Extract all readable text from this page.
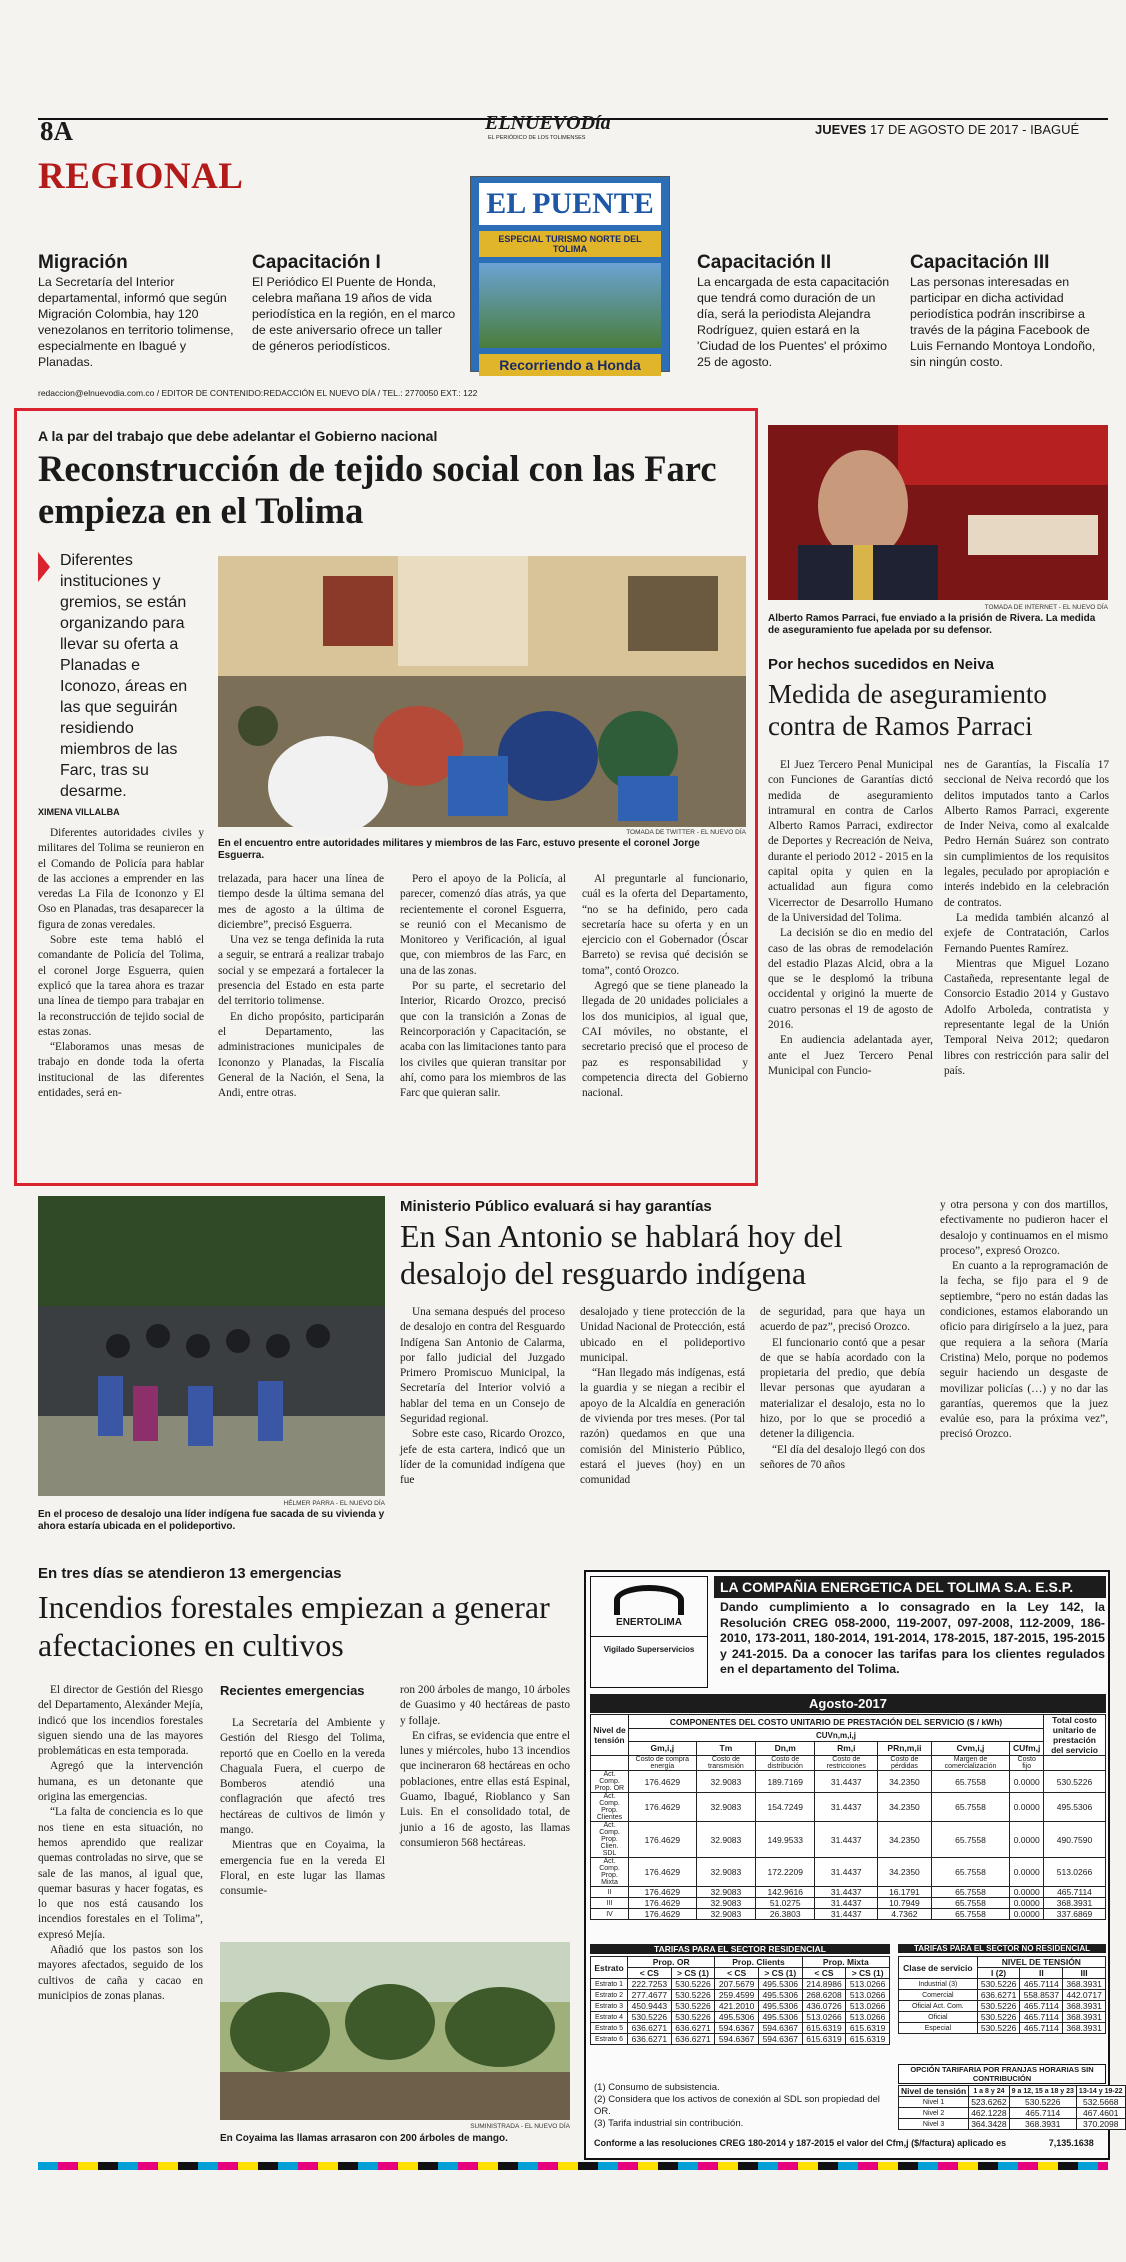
8A	ELNUEVODía
EL PERIÓDICO DE LOS TOLIMENSES
JUEVES 17 DE AGOSTO DE 2017 - IBAGUÉ
REGIONAL
EL PUENTE
ESPECIAL TURISMO NORTE DEL TOLIMA
Recorriendo a Honda
Migración
La Secretaría del Interior departamental, informó que según Migración Colombia, hay 120 venezolanos en territorio tolimense, especialmente en Ibagué y Planadas.
Capacitación I
El Periódico El Puente de Honda, celebra mañana 19 años de vida periodística en la región, en el marco de este aniversario ofrece un taller de géneros periodísticos.
Capacitación II
La encargada de esta capacitación que tendrá como duración de un día, será la periodista Alejandra Rodríguez, quien estará en la 'Ciudad de los Puentes' el próximo 25 de agosto.
Capacitación III
Las personas interesadas en participar en dicha actividad periodística podrán inscribirse a través de la página Facebook de Luis Fernando Montoya Londoño, sin ningún costo.
redaccion@elnuevodia.com.co / EDITOR DE CONTENIDO:REDACCIÓN EL NUEVO DÍA / TEL.: 2770050 EXT.: 122
A la par del trabajo que debe adelantar el Gobierno nacional
Reconstrucción de tejido social con las Farc empieza en el Tolima
Diferentes instituciones y gremios, se están organizando para llevar su oferta a Planadas e Iconozo, áreas en las que seguirán residiendo miembros de las Farc, tras su desarme.
XIMENA VILLALBA
TOMADA DE TWITTER - EL NUEVO DÍA
En el encuentro entre autoridades militares y miembros de las Farc, estuvo presente el coronel Jorge Esguerra.

Diferentes autoridades civiles y militares del Tolima se reunieron en el Comando de Policía para hablar de las acciones a emprender en las veredas La Fila de Icononzo y El Oso en Planadas, tras desaparecer la figura de zonas veredales.

Sobre este tema habló el comandante de Policía del Tolima, el coronel Jorge Esguerra, quien explicó que la tarea ahora es trazar una línea de tiempo para trabajar en la reconstrucción de tejido social de estas zonas.

“Elaboramos unas mesas de trabajo en donde toda la oferta institucional de las diferentes entidades, será en-

trelazada, para hacer una línea de tiempo desde la última semana del mes de agosto a la última de diciembre”, precisó Esguerra.

Una vez se tenga definida la ruta a seguir, se entrará a realizar trabajo social y se empezará a fortalecer la presencia del Estado en esta parte del territorio tolimense.

En dicho propósito, participarán el Departamento, las administraciones municipales de Icononzo y Planadas, la Fiscalía General de la Nación, el Sena, la Andi, entre otras.

Pero el apoyo de la Policía, al parecer, comenzó días atrás, ya que recientemente el coronel Esguerra, se reunió con el Mecanismo de Monitoreo y Verificación, al igual que, con miembros de las Farc, en una de las zonas.

Por su parte, el secretario del Interior, Ricardo Orozco, precisó que con la transición a Zonas de Reincorporación y Capacitación, se acaba con las limitaciones tanto para los civiles que quieran transitar por ahí, como para los miembros de las Farc que quieran salir.

Al preguntarle al funcionario, cuál es la oferta del Departamento, “no se ha definido, pero cada secretaría hace su oferta y en un ejercicio con el Gobernador (Óscar Barreto) se revisa qué decisión se toma”, contó Orozco.

Agregó que se tiene planeado la llegada de 20 unidades policiales a los dos municipios, al igual que, CAI móviles, no obstante, el secretario precisó que el proceso de paz es responsabilidad y competencia directa del Gobierno nacional.

TOMADA DE INTERNET - EL NUEVO DÍA
Alberto Ramos Parraci, fue enviado a la prisión de Rivera. La medida de aseguramiento fue apelada por su defensor.
Por hechos sucedidos en Neiva
Medida de aseguramiento contra de Ramos Parraci

El Juez Tercero Penal Municipal con Funciones de Garantías dictó medida de aseguramiento intramural en contra de Carlos Alberto Ramos Parraci, exdirector de Deportes y Recreación de Neiva, durante el periodo 2012 - 2015 en la capital opita y quien en la actualidad aun figura como Vicerrector de Desarrollo Humano de la Universidad del Tolima.

La decisión se dio en medio del caso de las obras de remodelación del estadio Plazas Alcid, obra a la que se le desplomó la tribuna occidental y originó la muerte de cuatro personas el 19 de agosto de 2016.

En audiencia adelantada ayer, ante el Juez Tercero Penal Municipal con Funcio-

nes de Garantías, la Fiscalía 17 seccional de Neiva recordó que los delitos imputados tanto a Carlos Alberto Ramos Parraci, exgerente de Inder Neiva, como al exalcalde Pedro Hernán Suárez son contrato sin cumplimientos de los requisitos legales, peculado por apropiación e interés indebido en la celebración de contratos.

La medida también alcanzó al exjefe de Contratación, Carlos Fernando Puentes Ramírez.

Mientras que Miguel Lozano Castañeda, representante legal de Consorcio Estadio 2014 y Gustavo Adolfo Arboleda, contratista y representante legal de la Unión Temporal Neiva 2012; quedaron libres con restricción para salir del país.

HÉLMER PARRA - EL NUEVO DÍA
En el proceso de desalojo una líder indígena fue sacada de su vivienda y ahora estaría ubicada en el polideportivo.
Ministerio Público evaluará si hay garantías
En San Antonio se hablará hoy del desalojo del resguardo indígena

Una semana después del proceso de desalojo en contra del Resguardo Indígena San Antonio de Calarma, por fallo judicial del Juzgado Primero Promiscuo Municipal, la Secretaría del Interior volvió a hablar del tema en un Consejo de Seguridad regional.

Sobre este caso, Ricardo Orozco, jefe de esta cartera, indicó que un líder de la comunidad indígena que fue

desalojado y tiene protección de la Unidad Nacional de Protección, está ubicado en el polideportivo municipal.

“Han llegado más indígenas, está la guardia y se niegan a recibir el apoyo de la Alcaldía en generación de vivienda por tres meses. (Por tal razón) quedamos en que una comisión del Ministerio Público, estará el jueves (hoy) en un comunidad

de seguridad, para que haya un acuerdo de paz”, precisó Orozco.

El funcionario contó que a pesar de que se había acordado con la propietaria del predio, que debía llevar personas que ayudaran a materializar el desalojo, esta no lo hizo, por lo que se procedió a detener la diligencia.

“El día del desalojo llegó con dos señores de 70 años

y otra persona y con dos martillos, efectivamente no pudieron hacer el desalojo y continuamos en el mismo proceso”, expresó Orozco.

En cuanto a la reprogramación de la fecha, se fijo para el 9 de septiembre, “pero no están dadas las condiciones, estamos elaborando un oficio para dirigírselo a la juez, para que requiera a la señora (María Cristina) Melo, porque no podemos seguir haciendo un desgaste de movilizar policías (…) y no dar las garantías, queremos que la juez evalúe eso, para la próxima vez”, precisó Orozco.

En tres días se atendieron 13 emergencias
Incendios forestales empiezan a generar afectaciones en cultivos

El director de Gestión del Riesgo del Departamento, Alexánder Mejía, indicó que los incendios forestales siguen siendo una de las mayores problemáticas en esta temporada.

Agregó que la intervención humana, es un detonante que origina las emergencias.

“La falta de conciencia es lo que nos tiene en esta situación, no hemos aprendido que realizar quemas controladas no sirve, que se sale de las manos, al igual que, quemar basuras y hacer fogatas, es lo que nos está causando los incendios forestales en el Tolima”, expresó Mejía.

Añadió que los pastos son los mayores afectados, seguido de los cultivos de caña y cacao en municipios de zonas planas.

Recientes emergencias

La Secretaría del Ambiente y Gestión del Riesgo del Tolima, reportó que en Coello en la vereda Chaguala Fuera, el cuerpo de Bomberos atendió una conflagración que afectó tres hectáreas de cultivos de limón y mango.

Mientras que en Coyaima, la emergencia fue en la vereda El Floral, en este lugar las llamas consumie-

ron 200 árboles de mango, 10 árboles de Guasimo y 40 hectáreas de pasto y follaje.

En cifras, se evidencia que entre el lunes y miércoles, hubo 13 incendios que incineraron 68 hectáreas en ocho poblaciones, entre ellas está Espinal, Guamo, Ibagué, Rioblanco y San Luis. En el consolidado total, de junio a 16 de agosto, las llamas consumieron 568 hectáreas.

SUMINISTRADA - EL NUEVO DÍA
En Coyaima las llamas arrasaron con 200 árboles de mango.
ENERTOLIMA
Vigilado Superservicios
LA COMPAÑIA ENERGETICA DEL TOLIMA S.A. E.S.P.
Dando cumplimiento a lo consagrado en la Ley 142, la Resolución CREG 058-2000, 119-2007, 097-2008, 112-2009, 186-2010, 173-2011, 180-2014, 191-2014, 178-2015, 187-2015, 195-2015 y 241-2015. Da a conocer las tarifas para los clientes regulados en el departamento del Tolima.
Agosto-2017
Nivel de tensión	COMPONENTES DEL COSTO UNITARIO DE PRESTACIÓN DEL SERVICIO ($ / kWh)							Total costo unitario de prestación del servicio
	CUVn,m,i,j							
	Gm,i,j	Tm	Dn,m	Rm,i	PRn,m,ii	Cvm,i,j	CUfm,j	
	Costo de compra energía	Costo de transmisión	Costo de distribución	Costo de restricciones	Costo de pérdidas	Margen de comercialización	Costo fijo	
Act. Comp. Prop. OR	176.4629	32.9083	189.7169	31.4437	34.2350	65.7558	0.0000	530.5226
Act. Comp. Prop. Clientes	176.4629	32.9083	154.7249	31.4437	34.2350	65.7558	0.0000	495.5306
Act. Comp. Prop. Clien. SDL	176.4629	32.9083	149.9533	31.4437	34.2350	65.7558	0.0000	490.7590
Act. Comp. Prop. Mixta	176.4629	32.9083	172.2209	31.4437	34.2350	65.7558	0.0000	513.0266
II	176.4629	32.9083	142.9616	31.4437	16.1791	65.7558	0.0000	465.7114
III	176.4629	32.9083	51.0275	31.4437	10.7949	65.7558	0.0000	368.3931
IV	176.4629	32.9083	26.3803	31.4437	4.7362	65.7558	0.0000	337.6869
TARIFAS PARA EL SECTOR RESIDENCIAL
Estrato	Prop. OR		Prop. Clients		Prop. Mixta	
	< CS	> CS (1)	< CS	> CS (1)	< CS	> CS (1)
Estrato 1	222.7253	530.5226	207.5679	495.5306	214.8986	513.0266
Estrato 2	277.4677	530.5226	259.4599	495.5306	268.6208	513.0266
Estrato 3	450.9443	530.5226	421.2010	495.5306	436.0726	513.0266
Estrato 4	530.5226	530.5226	495.5306	495.5306	513.0266	513.0266
Estrato 5	636.6271	636.6271	594.6367	594.6367	615.6319	615.6319
Estrato 6	636.6271	636.6271	594.6367	594.6367	615.6319	615.6319
TARIFAS PARA EL SECTOR NO RESIDENCIAL
Clase de servicio	NIVEL DE TENSIÓN		
	I (2)	II	III
Industrial (3)	530.5226	465.7114	368.3931
Comercial	636.6271	558.8537	442.0717
Oficial Act. Com.	530.5226	465.7114	368.3931
Oficial	530.5226	465.7114	368.3931
Especial	530.5226	465.7114	368.3931
OPCIÓN TARIFARIA POR FRANJAS HORARIAS SIN CONTRIBUCIÓN
Nivel de tensión	1 a 8 y 24	9 a 12, 15 a 18 y 23	13-14 y 19-22
Nivel 1	523.6262	530.5226	532.5668
Nivel 2	462.1228	465.7114	467.4601
Nivel 3	364.3428	368.3931	370.2098
(1) Consumo de subsistencia.
(2) Considera que los activos de conexión al SDL son propiedad del OR.
(3) Tarifa industrial sin contribución.
Conforme a las resoluciones CREG 180-2014 y 187-2015 el valor del Cfm,j ($/factura) aplicado es	7,135.1638
